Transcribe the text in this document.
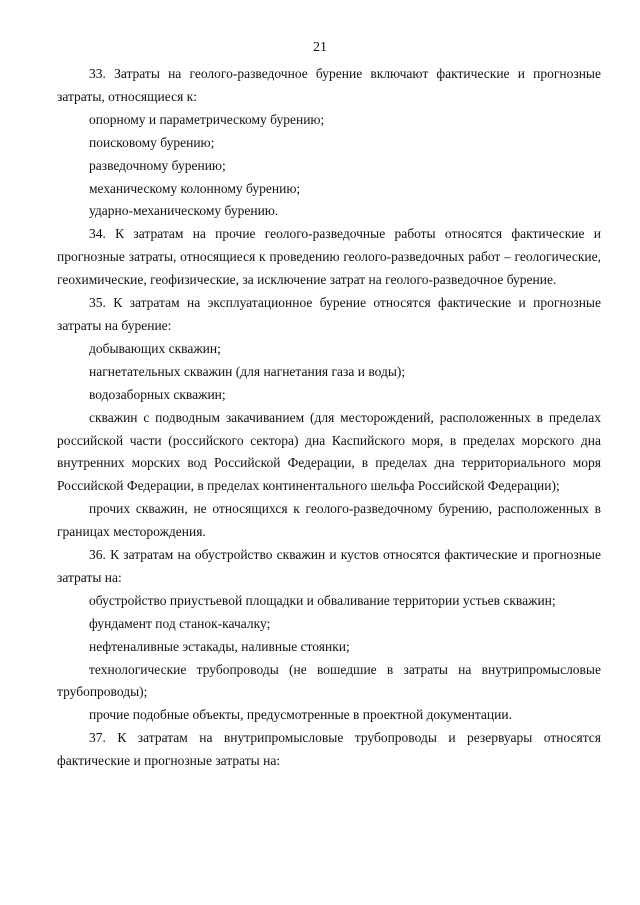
21

33. Затраты на геолого-разведочное бурение включают фактические и прогнозные затраты, относящиеся к:

опорному и параметрическому бурению;

поисковому бурению;

разведочному бурению;

механическому колонному бурению;

ударно-механическому бурению.

34. К затратам на прочие геолого-разведочные работы относятся фактические и прогнозные затраты, относящиеся к проведению геолого-разведочных работ – геологические, геохимические, геофизические, за исключение затрат на геолого-разведочное бурение.

35. К затратам на эксплуатационное бурение относятся фактические и прогнозные затраты на бурение:

добывающих скважин;

нагнетательных скважин (для нагнетания газа и воды);

водозаборных скважин;

скважин с подводным закачиванием (для месторождений, расположенных в пределах российской части (российского сектора) дна Каспийского моря, в пределах морского дна внутренних морских вод Российской Федерации, в пределах дна территориального моря Российской Федерации, в пределах континентального шельфа Российской Федерации);

прочих скважин, не относящихся к геолого-разведочному бурению, расположенных в границах месторождения.

36. К затратам на обустройство скважин и кустов относятся фактические и прогнозные затраты на:

обустройство приустьевой площадки и обваливание территории устьев скважин;

фундамент под станок-качалку;

нефтеналивные эстакады, наливные стоянки;

технологические трубопроводы (не вошедшие в затраты на внутрипромысловые трубопроводы);

прочие подобные объекты, предусмотренные в проектной документации.

37. К затратам на внутрипромысловые трубопроводы и резервуары относятся фактические и прогнозные затраты на:
